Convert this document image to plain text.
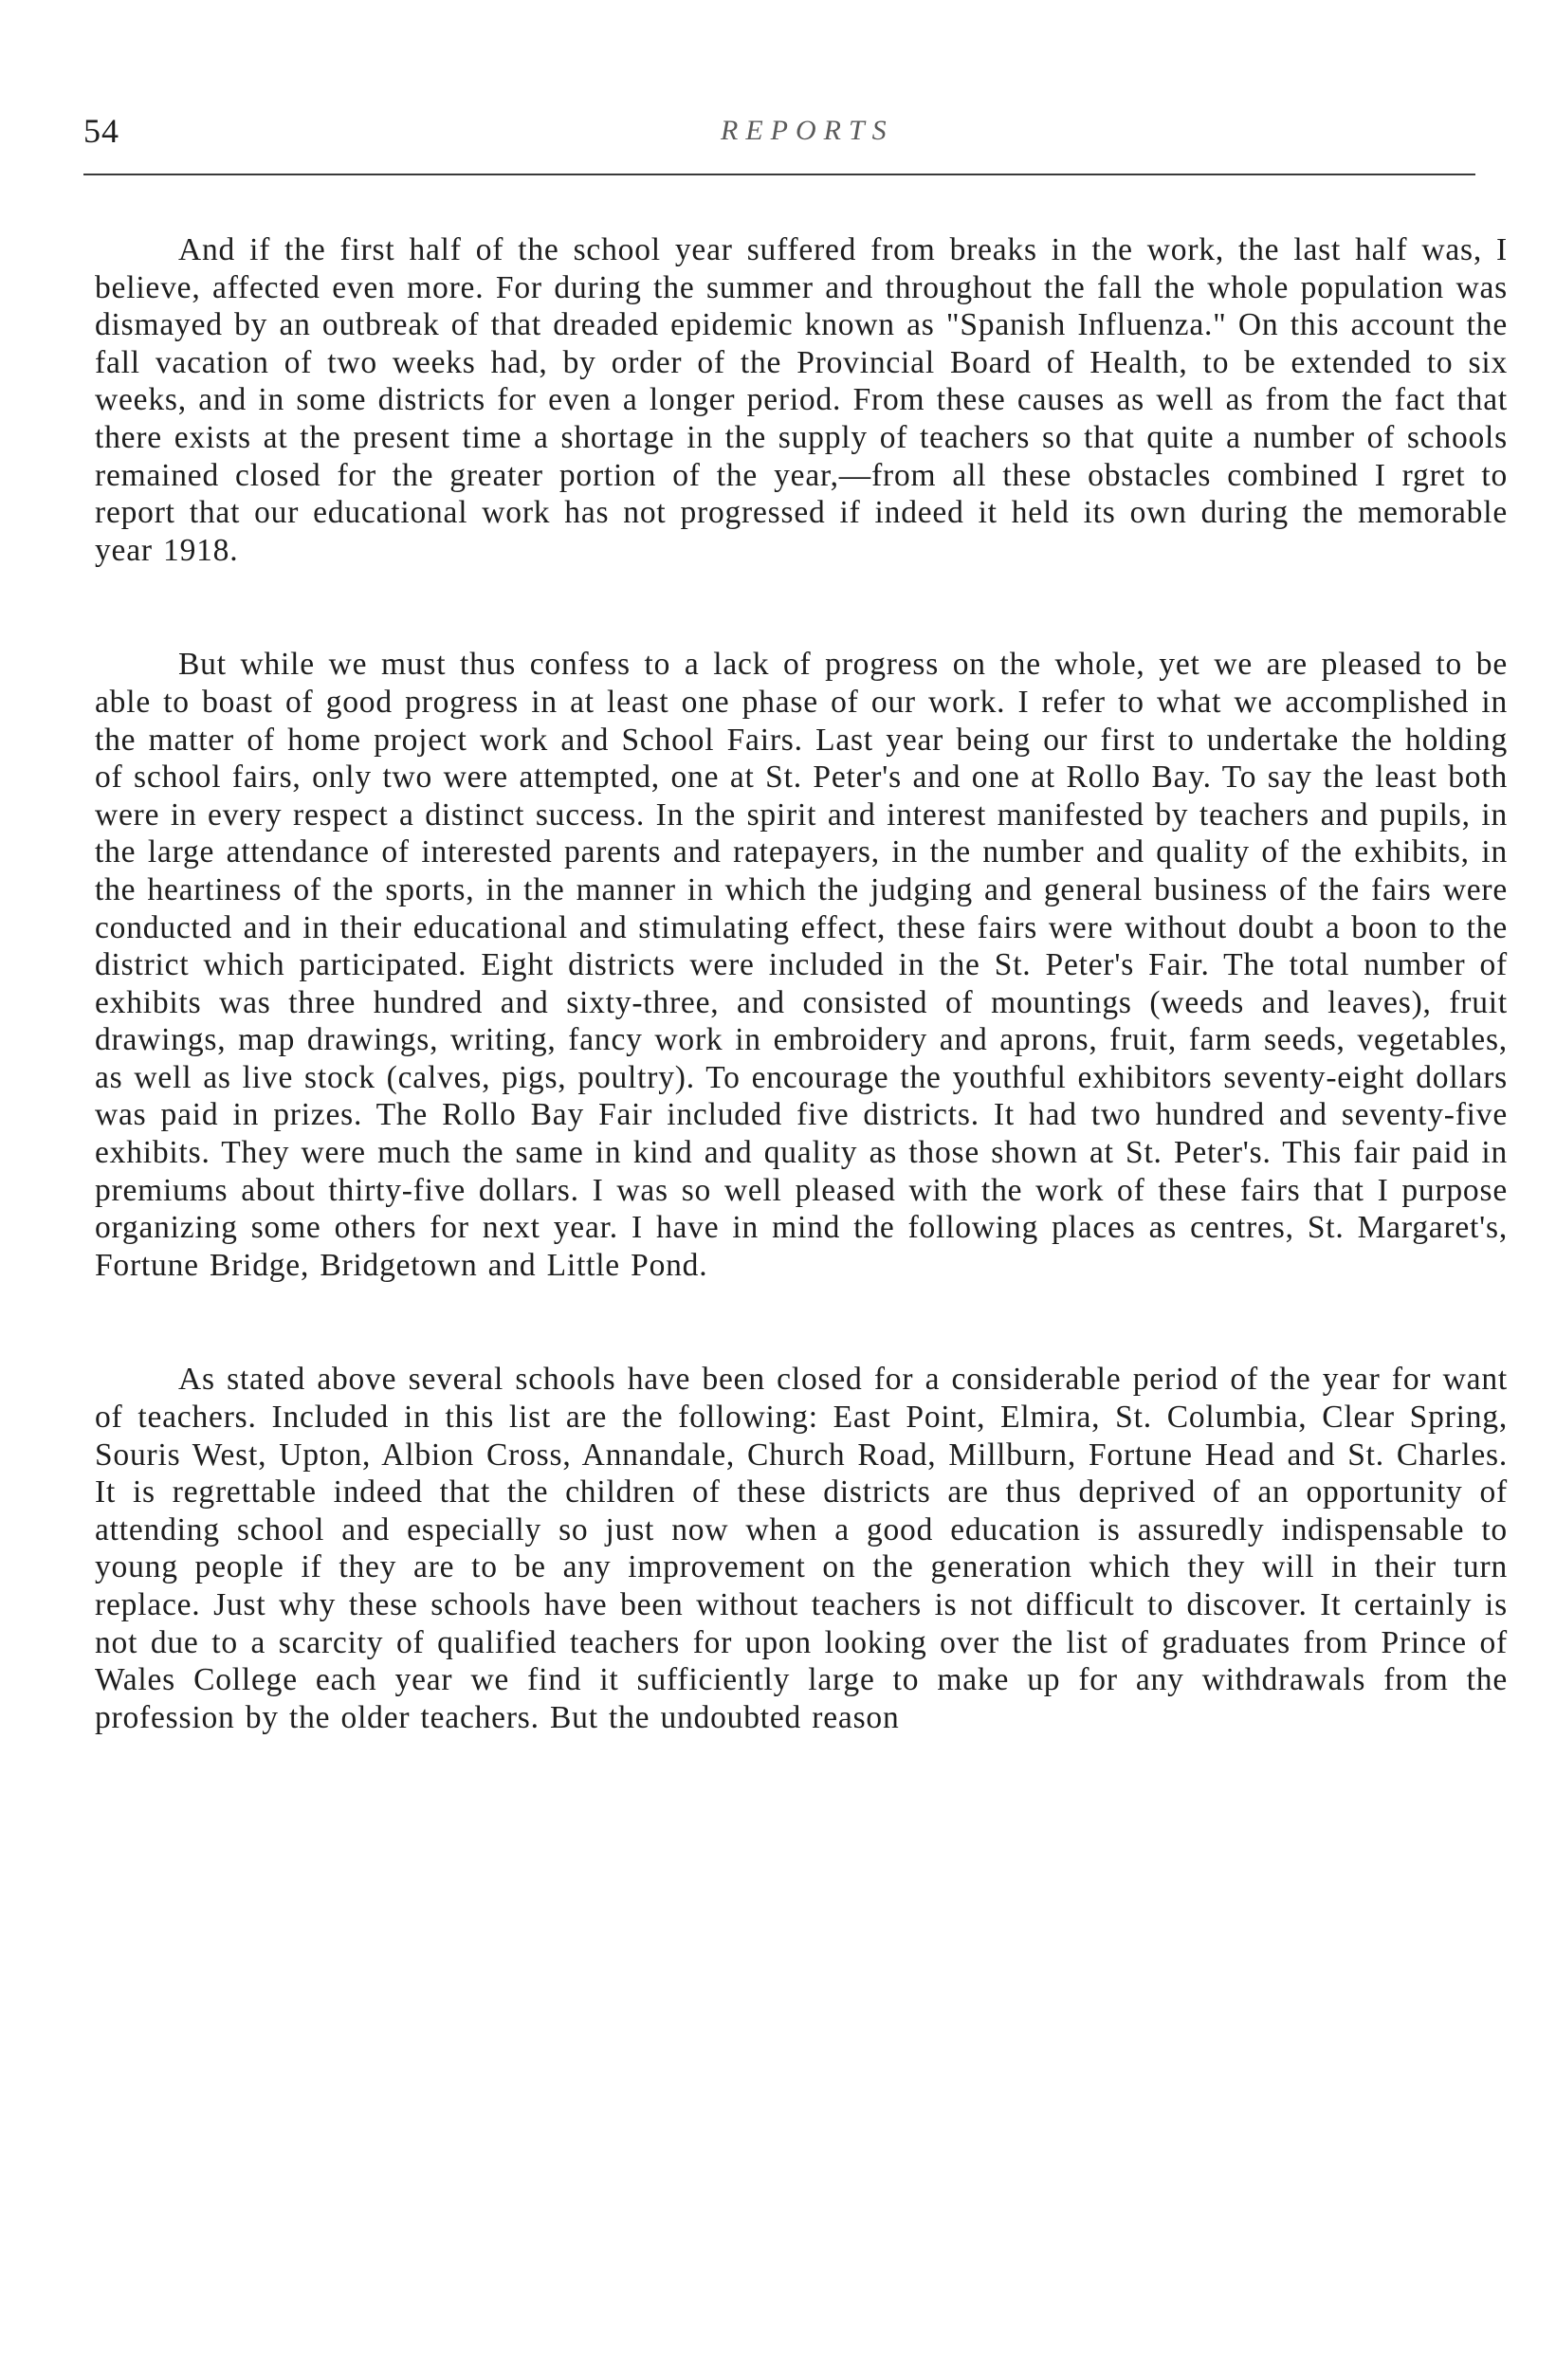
54	REPORTS

And if the first half of the school year suffered from breaks in the work, the last half was, I believe, affected even more. For during the summer and throughout the fall the whole population was dismayed by an outbreak of that dreaded epidemic known as "Spanish Influenza." On this account the fall vacation of two weeks had, by order of the Provincial Board of Health, to be extended to six weeks, and in some districts for even a longer period. From these causes as well as from the fact that there exists at the present time a shortage in the supply of teachers so that quite a number of schools remained closed for the greater portion of the year,—from all these obstacles combined I rgret to report that our educational work has not progressed if indeed it held its own during the memorable year 1918.

But while we must thus confess to a lack of progress on the whole, yet we are pleased to be able to boast of good progress in at least one phase of our work. I refer to what we accomplished in the matter of home project work and School Fairs. Last year being our first to undertake the holding of school fairs, only two were attempted, one at St. Peter's and one at Rollo Bay. To say the least both were in every respect a distinct success. In the spirit and interest manifested by teachers and pupils, in the large attendance of interested parents and ratepayers, in the number and quality of the exhibits, in the heartiness of the sports, in the manner in which the judging and general business of the fairs were conducted and in their educational and stimulating effect, these fairs were without doubt a boon to the district which participated. Eight districts were included in the St. Peter's Fair. The total number of exhibits was three hundred and sixty-three, and consisted of mountings (weeds and leaves), fruit drawings, map drawings, writing, fancy work in embroidery and aprons, fruit, farm seeds, vegetables, as well as live stock (calves, pigs, poultry). To encourage the youthful exhibitors seventy-eight dollars was paid in prizes. The Rollo Bay Fair included five districts. It had two hundred and seventy-five exhibits. They were much the same in kind and quality as those shown at St. Peter's. This fair paid in premiums about thirty-five dollars. I was so well pleased with the work of these fairs that I purpose organizing some others for next year. I have in mind the following places as centres, St. Margaret's, Fortune Bridge, Bridgetown and Little Pond.

As stated above several schools have been closed for a considerable period of the year for want of teachers. Included in this list are the following: East Point, Elmira, St. Columbia, Clear Spring, Souris West, Upton, Albion Cross, Annandale, Church Road, Millburn, Fortune Head and St. Charles. It is regrettable indeed that the children of these districts are thus deprived of an opportunity of attending school and especially so just now when a good education is assuredly indispensable to young people if they are to be any improvement on the generation which they will in their turn replace. Just why these schools have been without teachers is not difficult to discover. It certainly is not due to a scarcity of qualified teachers for upon looking over the list of graduates from Prince of Wales College each year we find it sufficiently large to make up for any withdrawals from the profession by the older teachers. But the undoubted reason
